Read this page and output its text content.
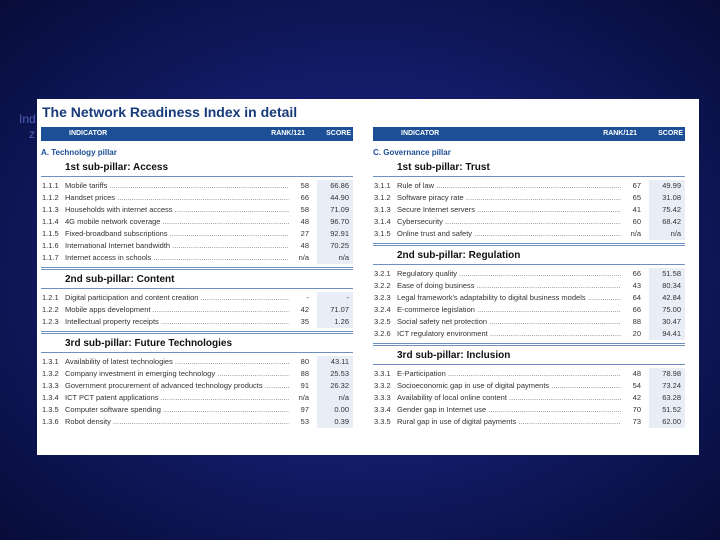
Ind
z
The Network Readiness Index in detail
INDICATOR	RANK/121	SCORE
A. Technology pillar
1st sub-pillar: Access
1.1.1 Mobile tariffs .....	58	66.86
1.1.2 Handset prices .....	66	44.90
1.1.3 Households with internet access .....	58	71.09
1.1.4 4G mobile network coverage .....	48	96.70
1.1.5 Fixed-broadband subscriptions .....	27	92.91
1.1.6 International Internet bandwidth .....	48	70.25
1.1.7 Internet access in schools .....	n/a	n/a
2nd sub-pillar: Content
1.2.1 Digital participation and content creation .....	-	-
1.2.2 Mobile apps development .....	42	71.07
1.2.3 Intellectual property receipts .....	35	1.26
3rd sub-pillar: Future Technologies
1.3.1 Availability of latest technologies .....	80	43.11
1.3.2 Company investment in emerging technology .....	88	25.53
1.3.3 Government procurement of advanced technology products .....	91	26.32
1.3.4 ICT PCT patent applications .....	n/a	n/a
1.3.5 Computer software spending .....	97	0.00
1.3.6 Robot density .....	53	0.39
INDICATOR	RANK/121	SCORE
C. Governance pillar
1st sub-pillar: Trust
3.1.1 Rule of law .....	67	49.99
3.1.2 Software piracy rate .....	65	31.08
3.1.3 Secure Internet servers .....	41	75.42
3.1.4 Cybersecurity .....	60	68.42
3.1.5 Online trust and safety .....	n/a	n/a
2nd sub-pillar: Regulation
3.2.1 Regulatory quality .....	66	51.58
3.2.2 Ease of doing business .....	43	80.34
3.2.3 Legal framework's adaptability to digital business models .....	64	42.84
3.2.4 E-commerce legislation .....	66	75.00
3.2.5 Social safety net protection .....	88	30.47
3.2.6 ICT regulatory environment .....	20	94.41
3rd sub-pillar: Inclusion
3.3.1 E-Participation .....	48	78.98
3.3.2 Socioeconomic gap in use of digital payments .....	54	73.24
3.3.3 Availability of local online content .....	42	63.28
3.3.4 Gender gap in Internet use .....	70	51.52
3.3.5 Rural gap in use of digital payments .....	73	62.00
